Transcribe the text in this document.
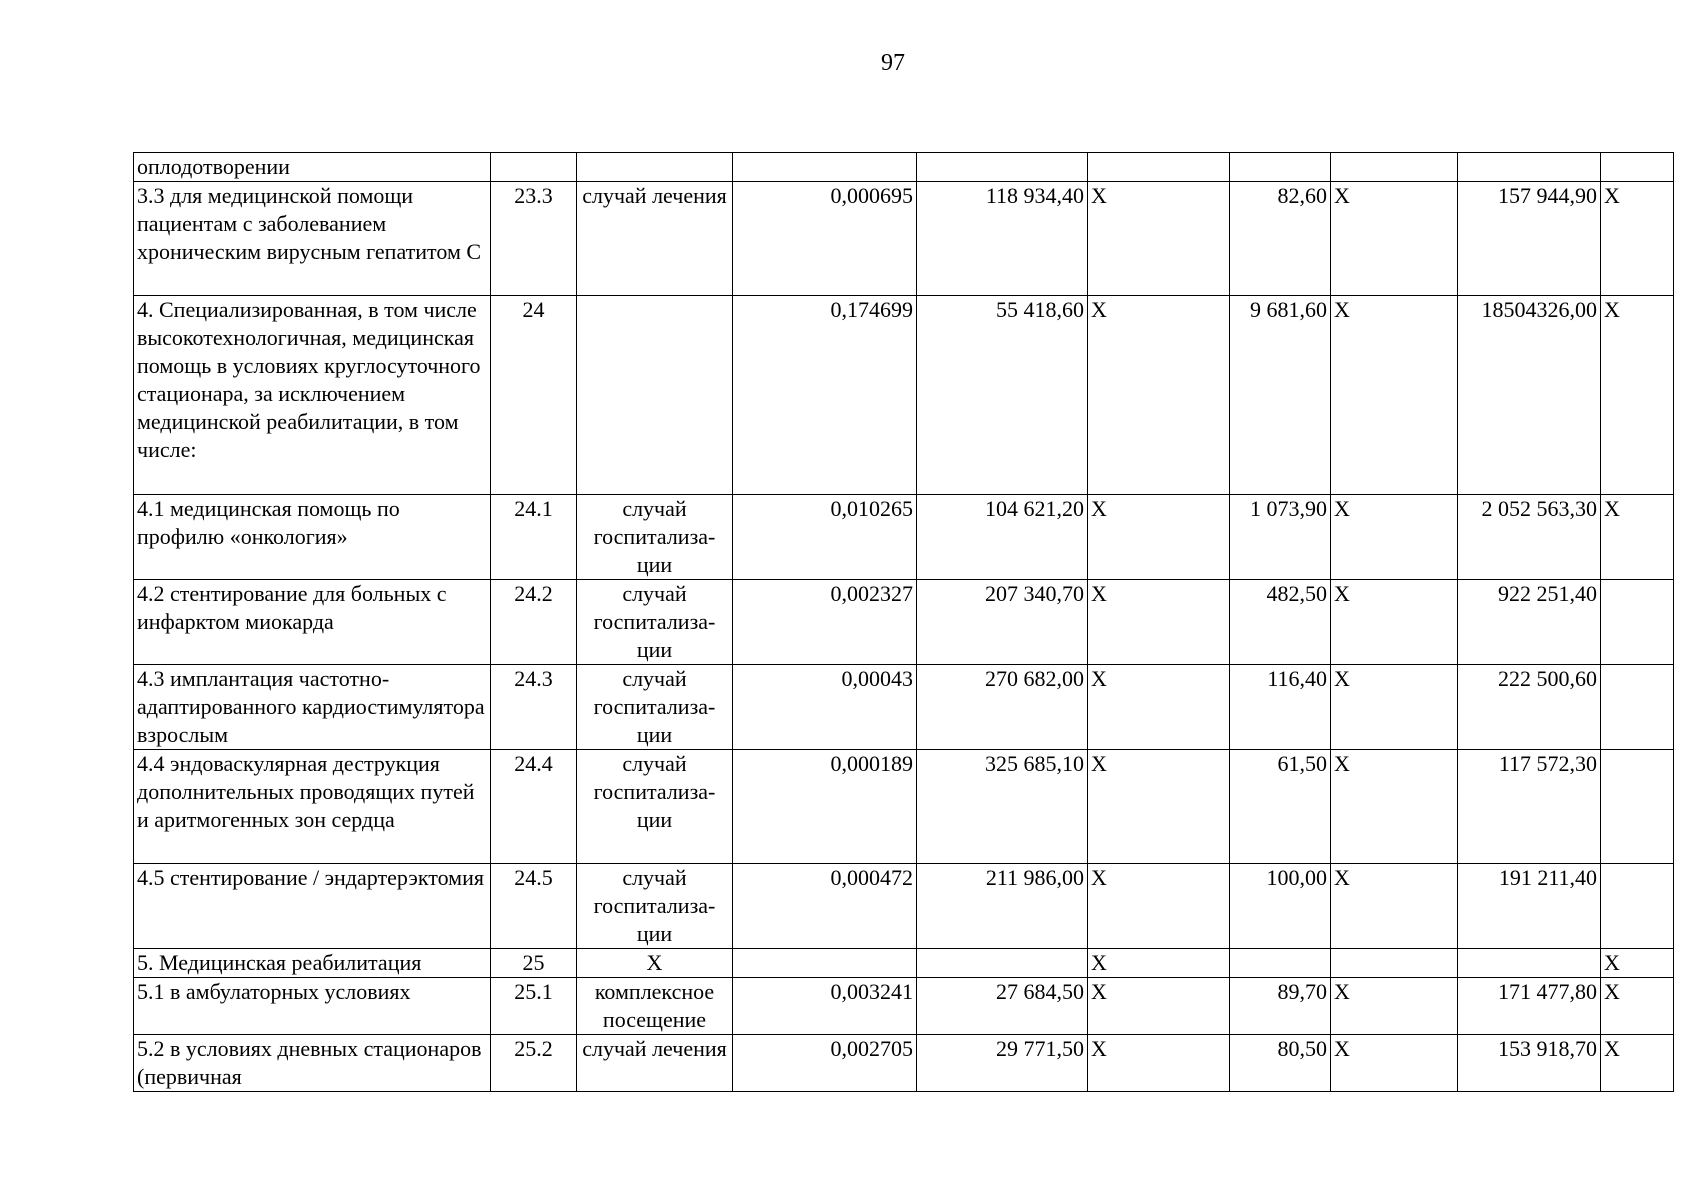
97
оплодотворении									
3.3 для медицинской помощи пациентам с заболеванием хроническим вирусным гепатитом С	23.3	случай лечения	0,000695	118 934,40	X	82,60	X	157 944,90	X
4. Специализированная, в том числе высокотехнологичная, медицинская помощь в условиях круглосуточного стационара, за исключением медицинской реабилитации, в том числе:	24		0,174699	55 418,60	X	9 681,60	X	18504326,00	X
4.1 медицинская помощь по профилю «онкология»	24.1	случай госпитализа-ции	0,010265	104 621,20	X	1 073,90	X	2 052 563,30	X
4.2 стентирование для больных с инфарктом миокарда	24.2	случай госпитализа-ции	0,002327	207 340,70	X	482,50	X	922 251,40	
4.3 имплантация частотно-адаптированного кардиостимулятора взрослым	24.3	случай госпитализа-ции	0,00043	270 682,00	X	116,40	X	222 500,60	
4.4 эндоваскулярная деструкция дополнительных проводящих путей и аритмогенных зон сердца	24.4	случай госпитализа-ции	0,000189	325 685,10	X	61,50	X	117 572,30	
4.5 стентирование / эндартерэктомия	24.5	случай госпитализа-ции	0,000472	211 986,00	X	100,00	X	191 211,40	
5. Медицинская реабилитация	25	X			X				X
5.1 в амбулаторных условиях	25.1	комплексное посещение	0,003241	27 684,50	X	89,70	X	171 477,80	X
5.2 в условиях дневных стационаров (первичная	25.2	случай лечения	0,002705	29 771,50	X	80,50	X	153 918,70	X
